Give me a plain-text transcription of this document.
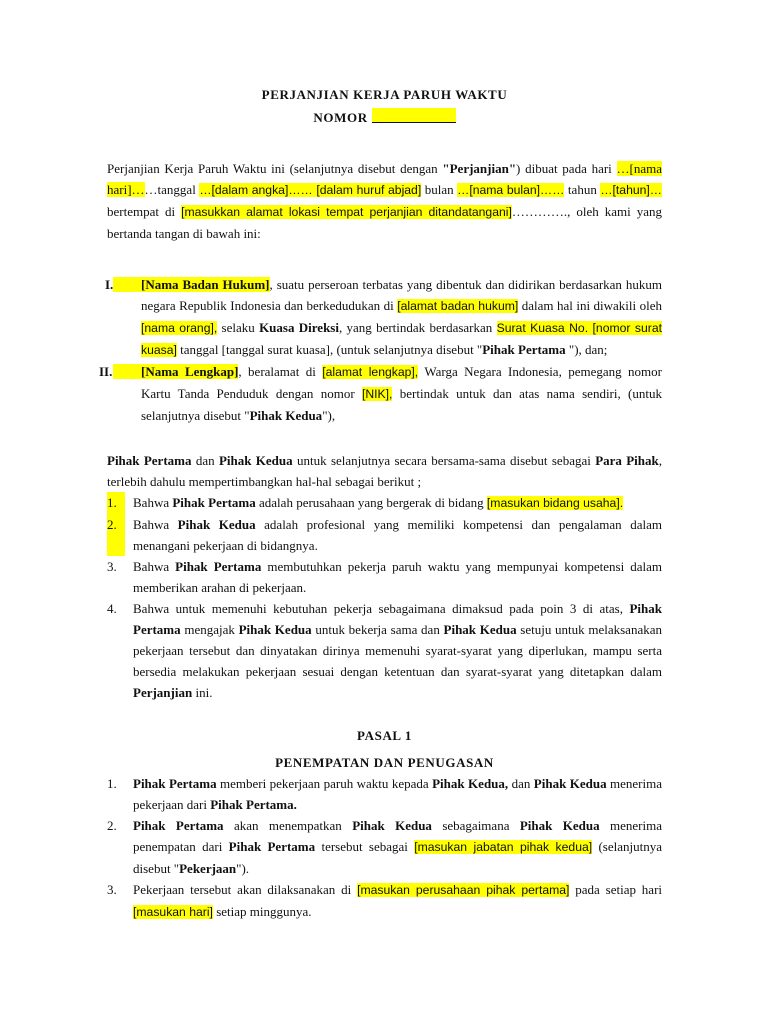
PERJANJIAN KERJA PARUH WAKTU
NOMOR

Perjanjian Kerja Paruh Waktu ini (selanjutnya disebut dengan "Perjanjian") dibuat pada hari …[nama hari]……tanggal …[dalam angka]…… [dalam huruf abjad] bulan …[nama bulan]…… tahun …[tahun]… bertempat di [masukkan alamat lokasi tempat perjanjian ditandatangani]…………., oleh kami yang bertanda tangan di bawah ini:

I.	[Nama Badan Hukum], suatu perseroan terbatas yang dibentuk dan didirikan berdasarkan hukum negara Republik Indonesia dan berkedudukan di [alamat badan hukum] dalam hal ini diwakili oleh [nama orang], selaku Kuasa Direksi, yang bertindak berdasarkan Surat Kuasa No. [nomor surat kuasa] tanggal [tanggal surat kuasa], (untuk selanjutnya disebut "Pihak Pertama "), dan;
II.	[Nama Lengkap], beralamat di [alamat lengkap], Warga Negara Indonesia, pemegang nomor Kartu Tanda Penduduk dengan nomor [NIK], bertindak untuk dan atas nama sendiri, (untuk selanjutnya disebut "Pihak Kedua"),

Pihak Pertama dan Pihak Kedua untuk selanjutnya secara bersama-sama disebut sebagai Para Pihak, terlebih dahulu mempertimbangkan hal-hal sebagai berikut ;

1.	Bahwa Pihak Pertama adalah perusahaan yang bergerak di bidang [masukan bidang usaha].
2.	Bahwa Pihak Kedua adalah profesional yang memiliki kompetensi dan pengalaman dalam menangani pekerjaan di bidangnya.
3.	Bahwa Pihak Pertama membutuhkan pekerja paruh waktu yang mempunyai kompetensi dalam memberikan arahan di pekerjaan.
4.	Bahwa untuk memenuhi kebutuhan pekerja sebagaimana dimaksud pada poin 3 di atas, Pihak Pertama mengajak Pihak Kedua untuk bekerja sama dan Pihak Kedua setuju untuk melaksanakan pekerjaan tersebut dan dinyatakan dirinya memenuhi syarat-syarat yang diperlukan, mampu serta bersedia melakukan pekerjaan sesuai dengan ketentuan dan syarat-syarat yang ditetapkan dalam Perjanjian ini.
PASAL 1
PENEMPATAN DAN PENUGASAN
1.	Pihak Pertama memberi pekerjaan paruh waktu kepada Pihak Kedua, dan Pihak Kedua menerima pekerjaan dari Pihak Pertama.
2.	Pihak Pertama akan menempatkan Pihak Kedua sebagaimana Pihak Kedua menerima penempatan dari Pihak Pertama tersebut sebagai [masukan jabatan pihak kedua] (selanjutnya disebut "Pekerjaan").
3.	Pekerjaan tersebut akan dilaksanakan di [masukan perusahaan pihak pertama] pada setiap hari [masukan hari] setiap minggunya.
